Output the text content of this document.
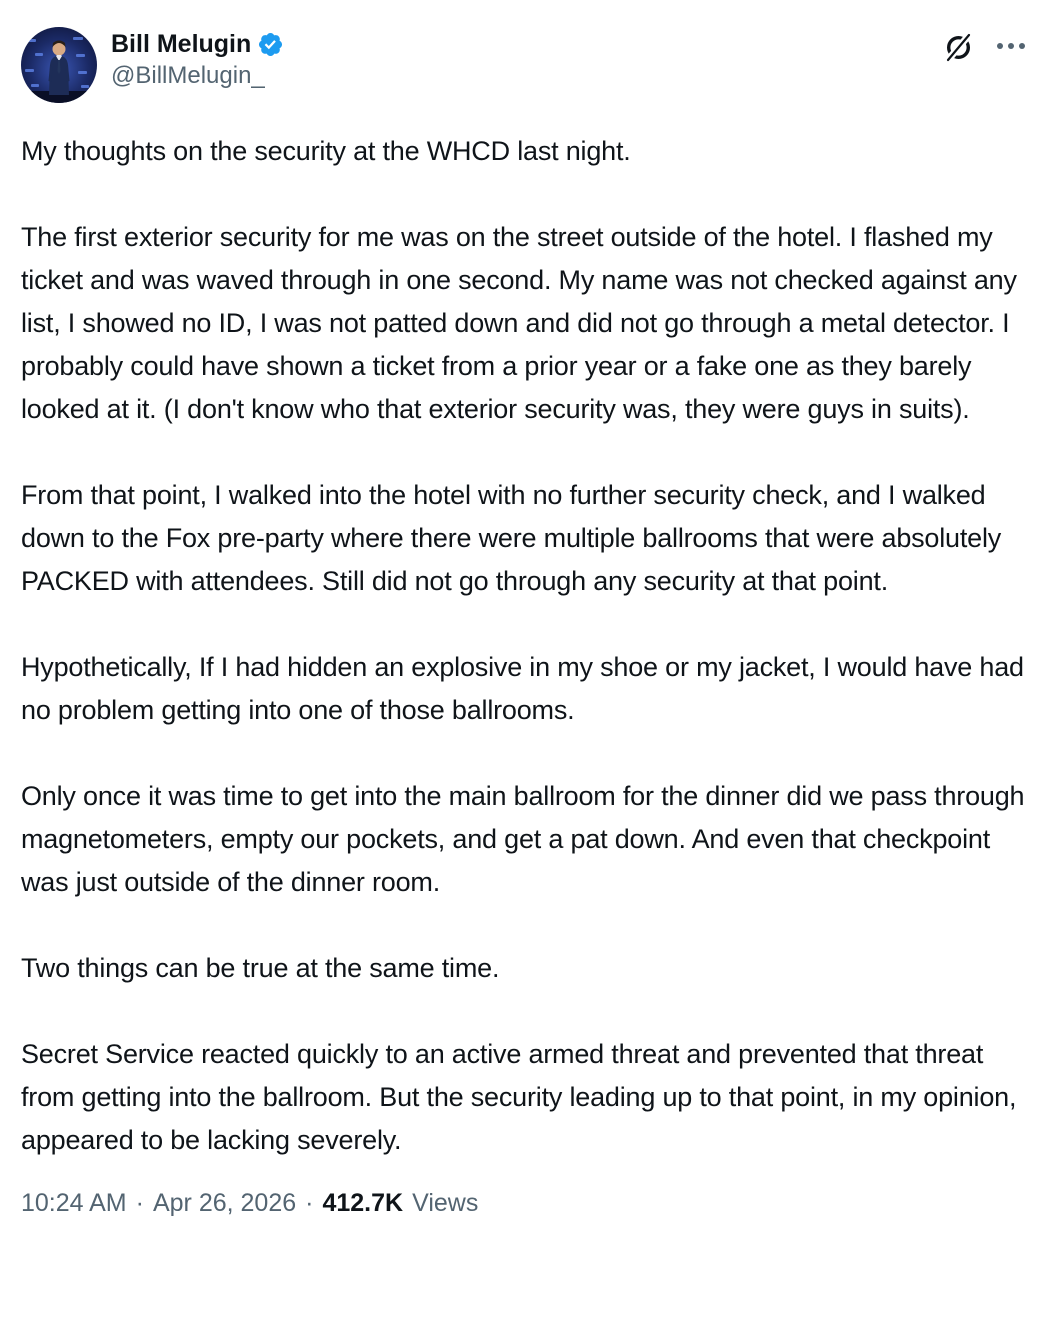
Bill Melugin
@BillMelugin_

My thoughts on the security at the WHCD last night.

The first exterior security for me was on the street outside of the hotel. I flashed my ticket and was waved through in one second. My name was not checked against any list, I showed no ID, I was not patted down and did not go through a metal detector. I probably could have shown a ticket from a prior year or a fake one as they barely looked at it. (I don't know who that exterior security was, they were guys in suits).

From that point, I walked into the hotel with no further security check, and I walked down to the Fox pre-party where there were multiple ballrooms that were absolutely PACKED with attendees. Still did not go through any security at that point.

Hypothetically, If I had hidden an explosive in my shoe or my jacket, I would have had no problem getting into one of those ballrooms.

Only once it was time to get into the main ballroom for the dinner did we pass through magnetometers, empty our pockets, and get a pat down. And even that checkpoint was just outside of the dinner room.

Two things can be true at the same time.

Secret Service reacted quickly to an active armed threat and prevented that threat from getting into the ballroom. But the security leading up to that point, in my opinion, appeared to be lacking severely.

10:24 AM · Apr 26, 2026 · 412.7K Views
